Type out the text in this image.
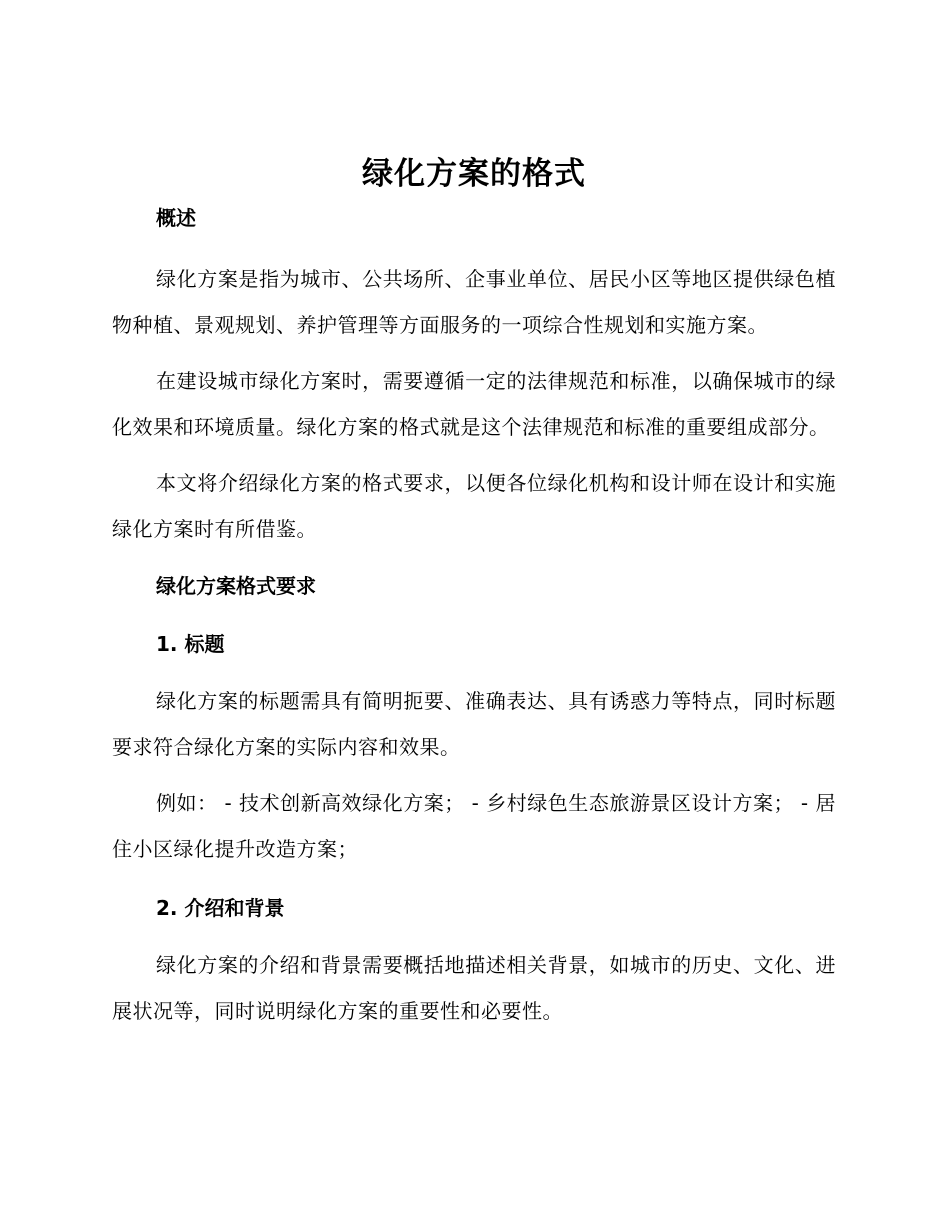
绿化方案的格式
概述

绿化方案是指为城市、公共场所、企事业单位、居民小区等地区提供绿色植物种植、景观规划、养护管理等方面服务的一项综合性规划和实施方案。

在建设城市绿化方案时，需要遵循一定的法律规范和标准，以确保城市的绿化效果和环境质量。绿化方案的格式就是这个法律规范和标准的重要组成部分。

本文将介绍绿化方案的格式要求，以便各位绿化机构和设计师在设计和实施绿化方案时有所借鉴。

绿化方案格式要求
1. 标题

绿化方案的标题需具有简明扼要、准确表达、具有诱惑力等特点，同时标题要求符合绿化方案的实际内容和效果。

例如： - 技术创新高效绿化方案； - 乡村绿色生态旅游景区设计方案； - 居住小区绿化提升改造方案；

2. 介绍和背景

绿化方案的介绍和背景需要概括地描述相关背景，如城市的历史、文化、进展状况等，同时说明绿化方案的重要性和必要性。
